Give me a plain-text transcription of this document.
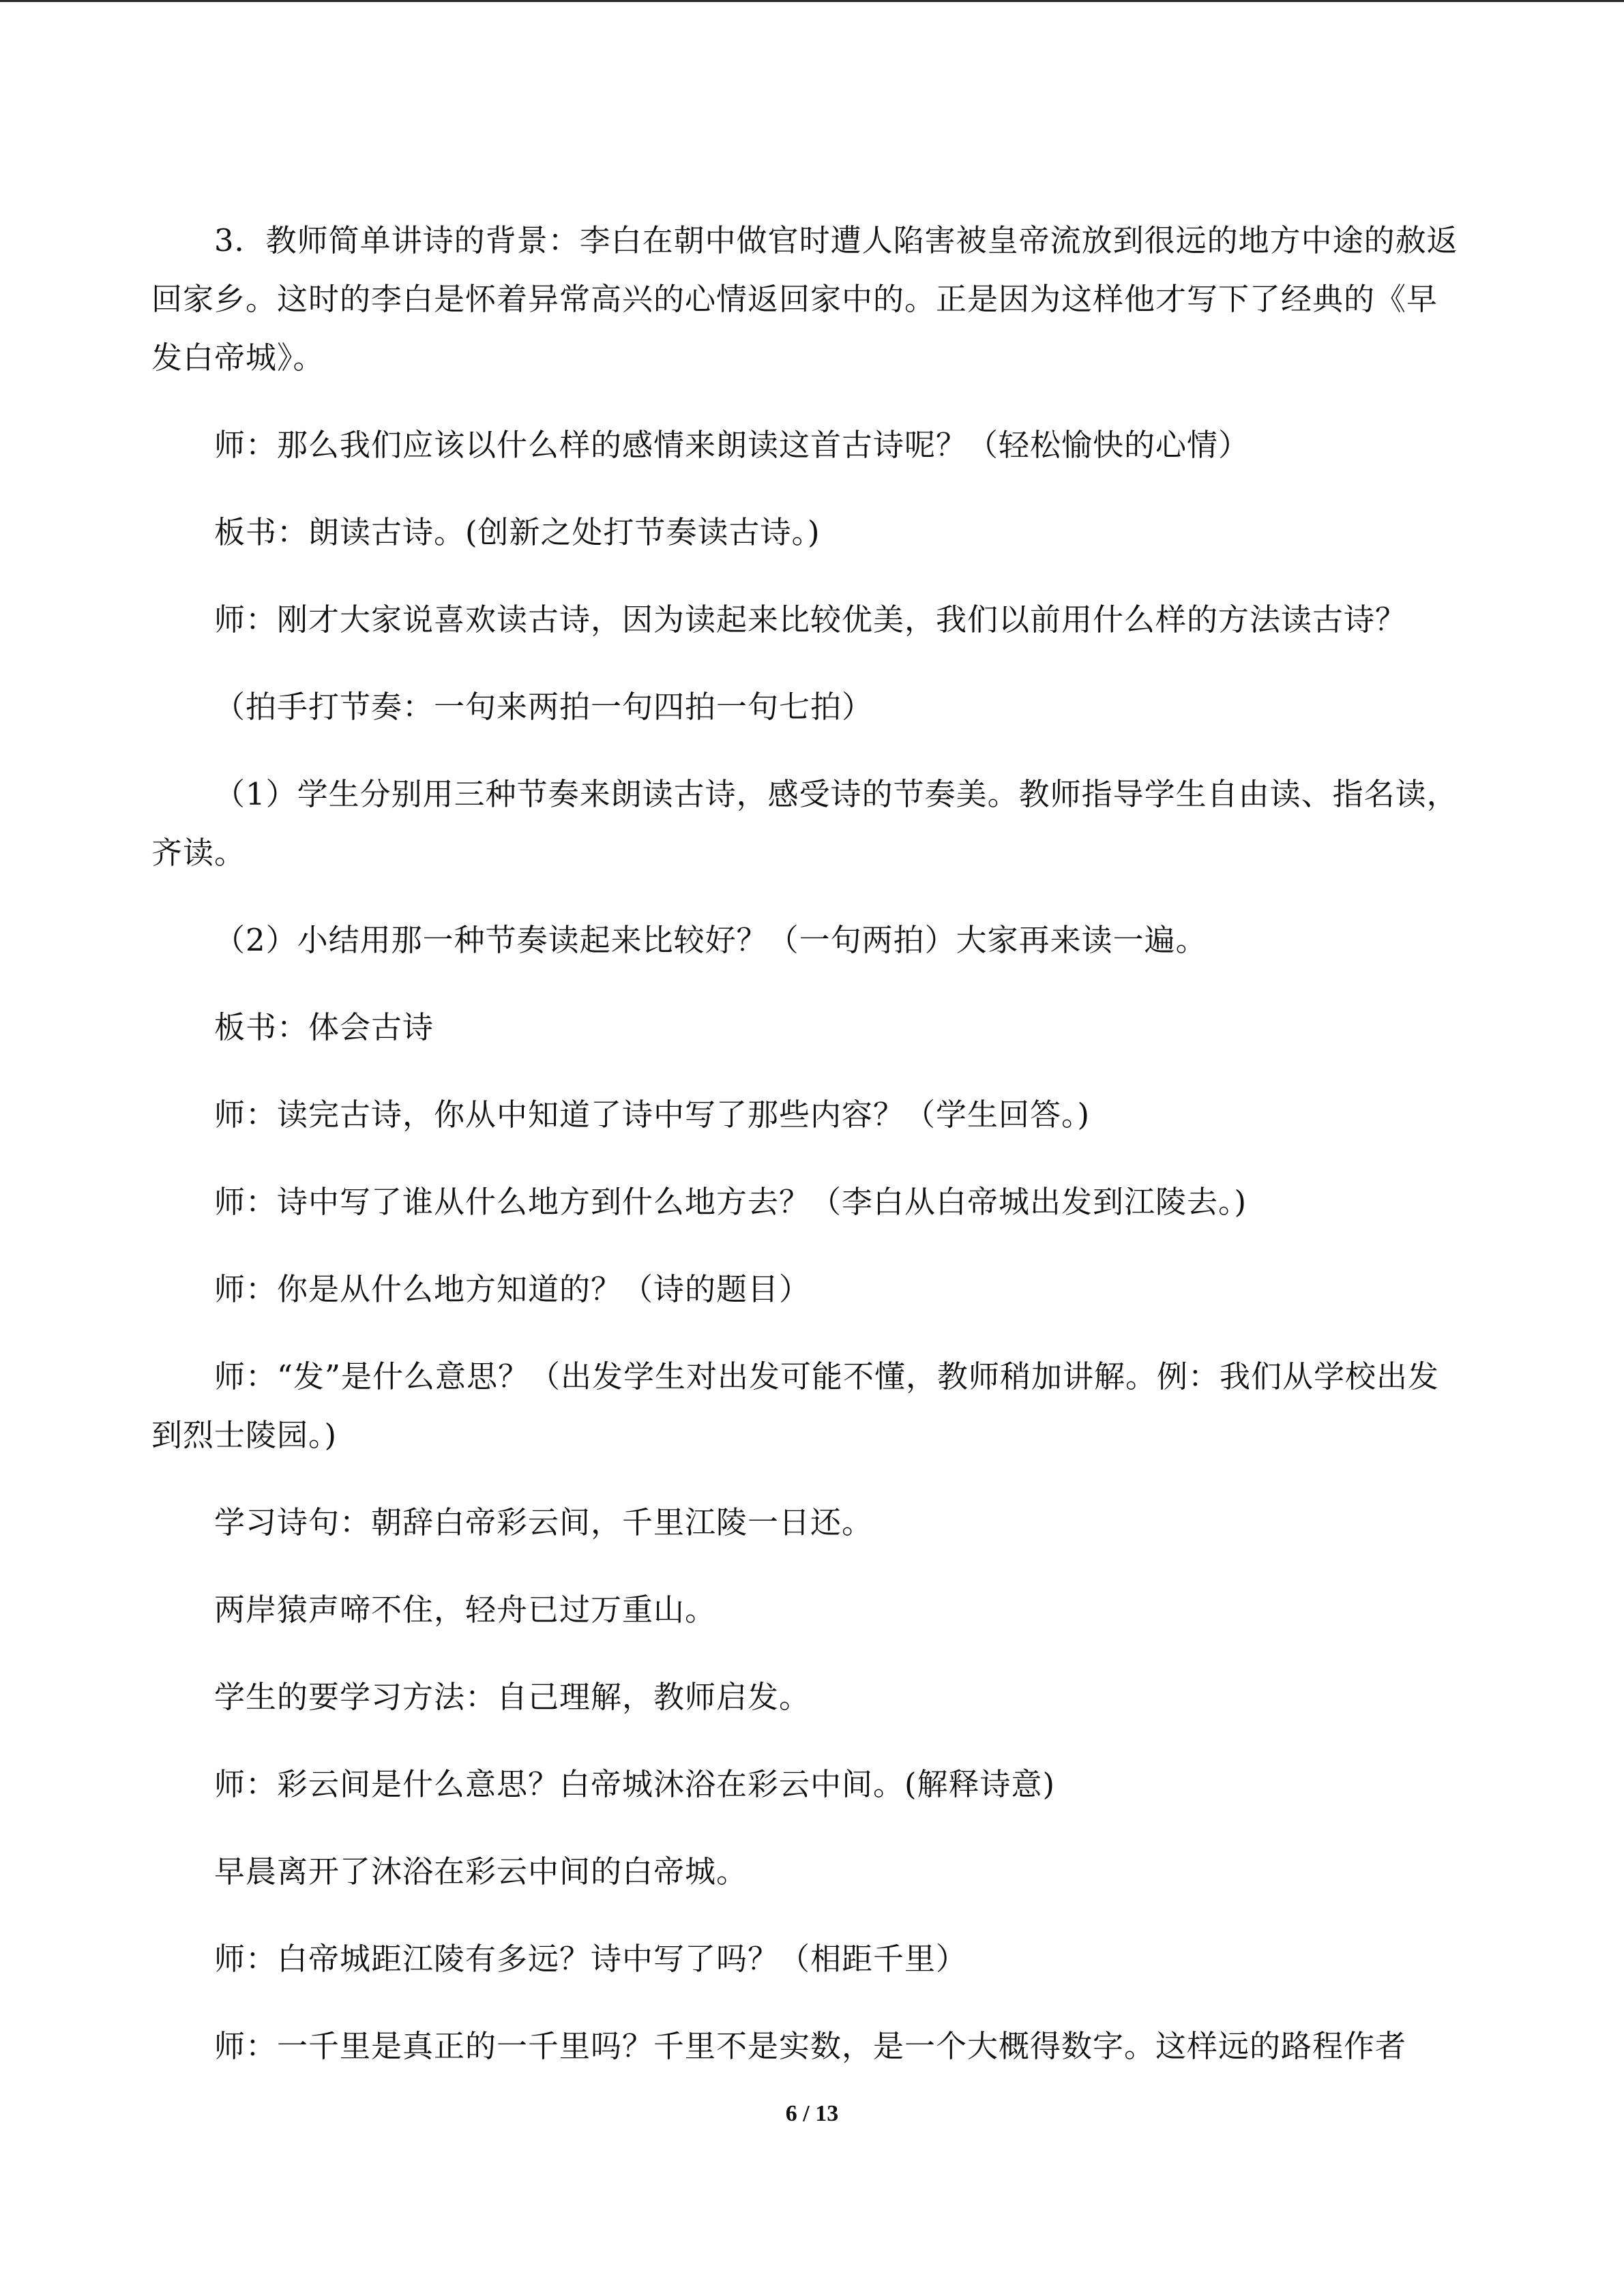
3．教师简单讲诗的背景：李白在朝中做官时遭人陷害被皇帝流放到很远的地方中途的赦返回家乡。这时的李白是怀着异常高兴的心情返回家中的。正是因为这样他才写下了经典的《早发白帝城》。

师：那么我们应该以什么样的感情来朗读这首古诗呢？（轻松愉快的心情）

板书：朗读古诗。(创新之处打节奏读古诗。)

师：刚才大家说喜欢读古诗，因为读起来比较优美，我们以前用什么样的方法读古诗？

（拍手打节奏：一句来两拍一句四拍一句七拍）

（1）学生分别用三种节奏来朗读古诗，感受诗的节奏美。教师指导学生自由读、指名读，齐读。

（2）小结用那一种节奏读起来比较好？（一句两拍）大家再来读一遍。

板书：体会古诗

师：读完古诗，你从中知道了诗中写了那些内容？（学生回答。)

师：诗中写了谁从什么地方到什么地方去？（李白从白帝城出发到江陵去。)

师：你是从什么地方知道的？（诗的题目）

师：“发”是什么意思？（出发学生对出发可能不懂，教师稍加讲解。例：我们从学校出发到烈士陵园。)

学习诗句：朝辞白帝彩云间，千里江陵一日还。

两岸猿声啼不住，轻舟已过万重山。

学生的要学习方法：自己理解，教师启发。

师：彩云间是什么意思？白帝城沐浴在彩云中间。(解释诗意)

早晨离开了沐浴在彩云中间的白帝城。

师：白帝城距江陵有多远？诗中写了吗？（相距千里）

师：一千里是真正的一千里吗？千里不是实数，是一个大概得数字。这样远的路程作者

6 / 13
